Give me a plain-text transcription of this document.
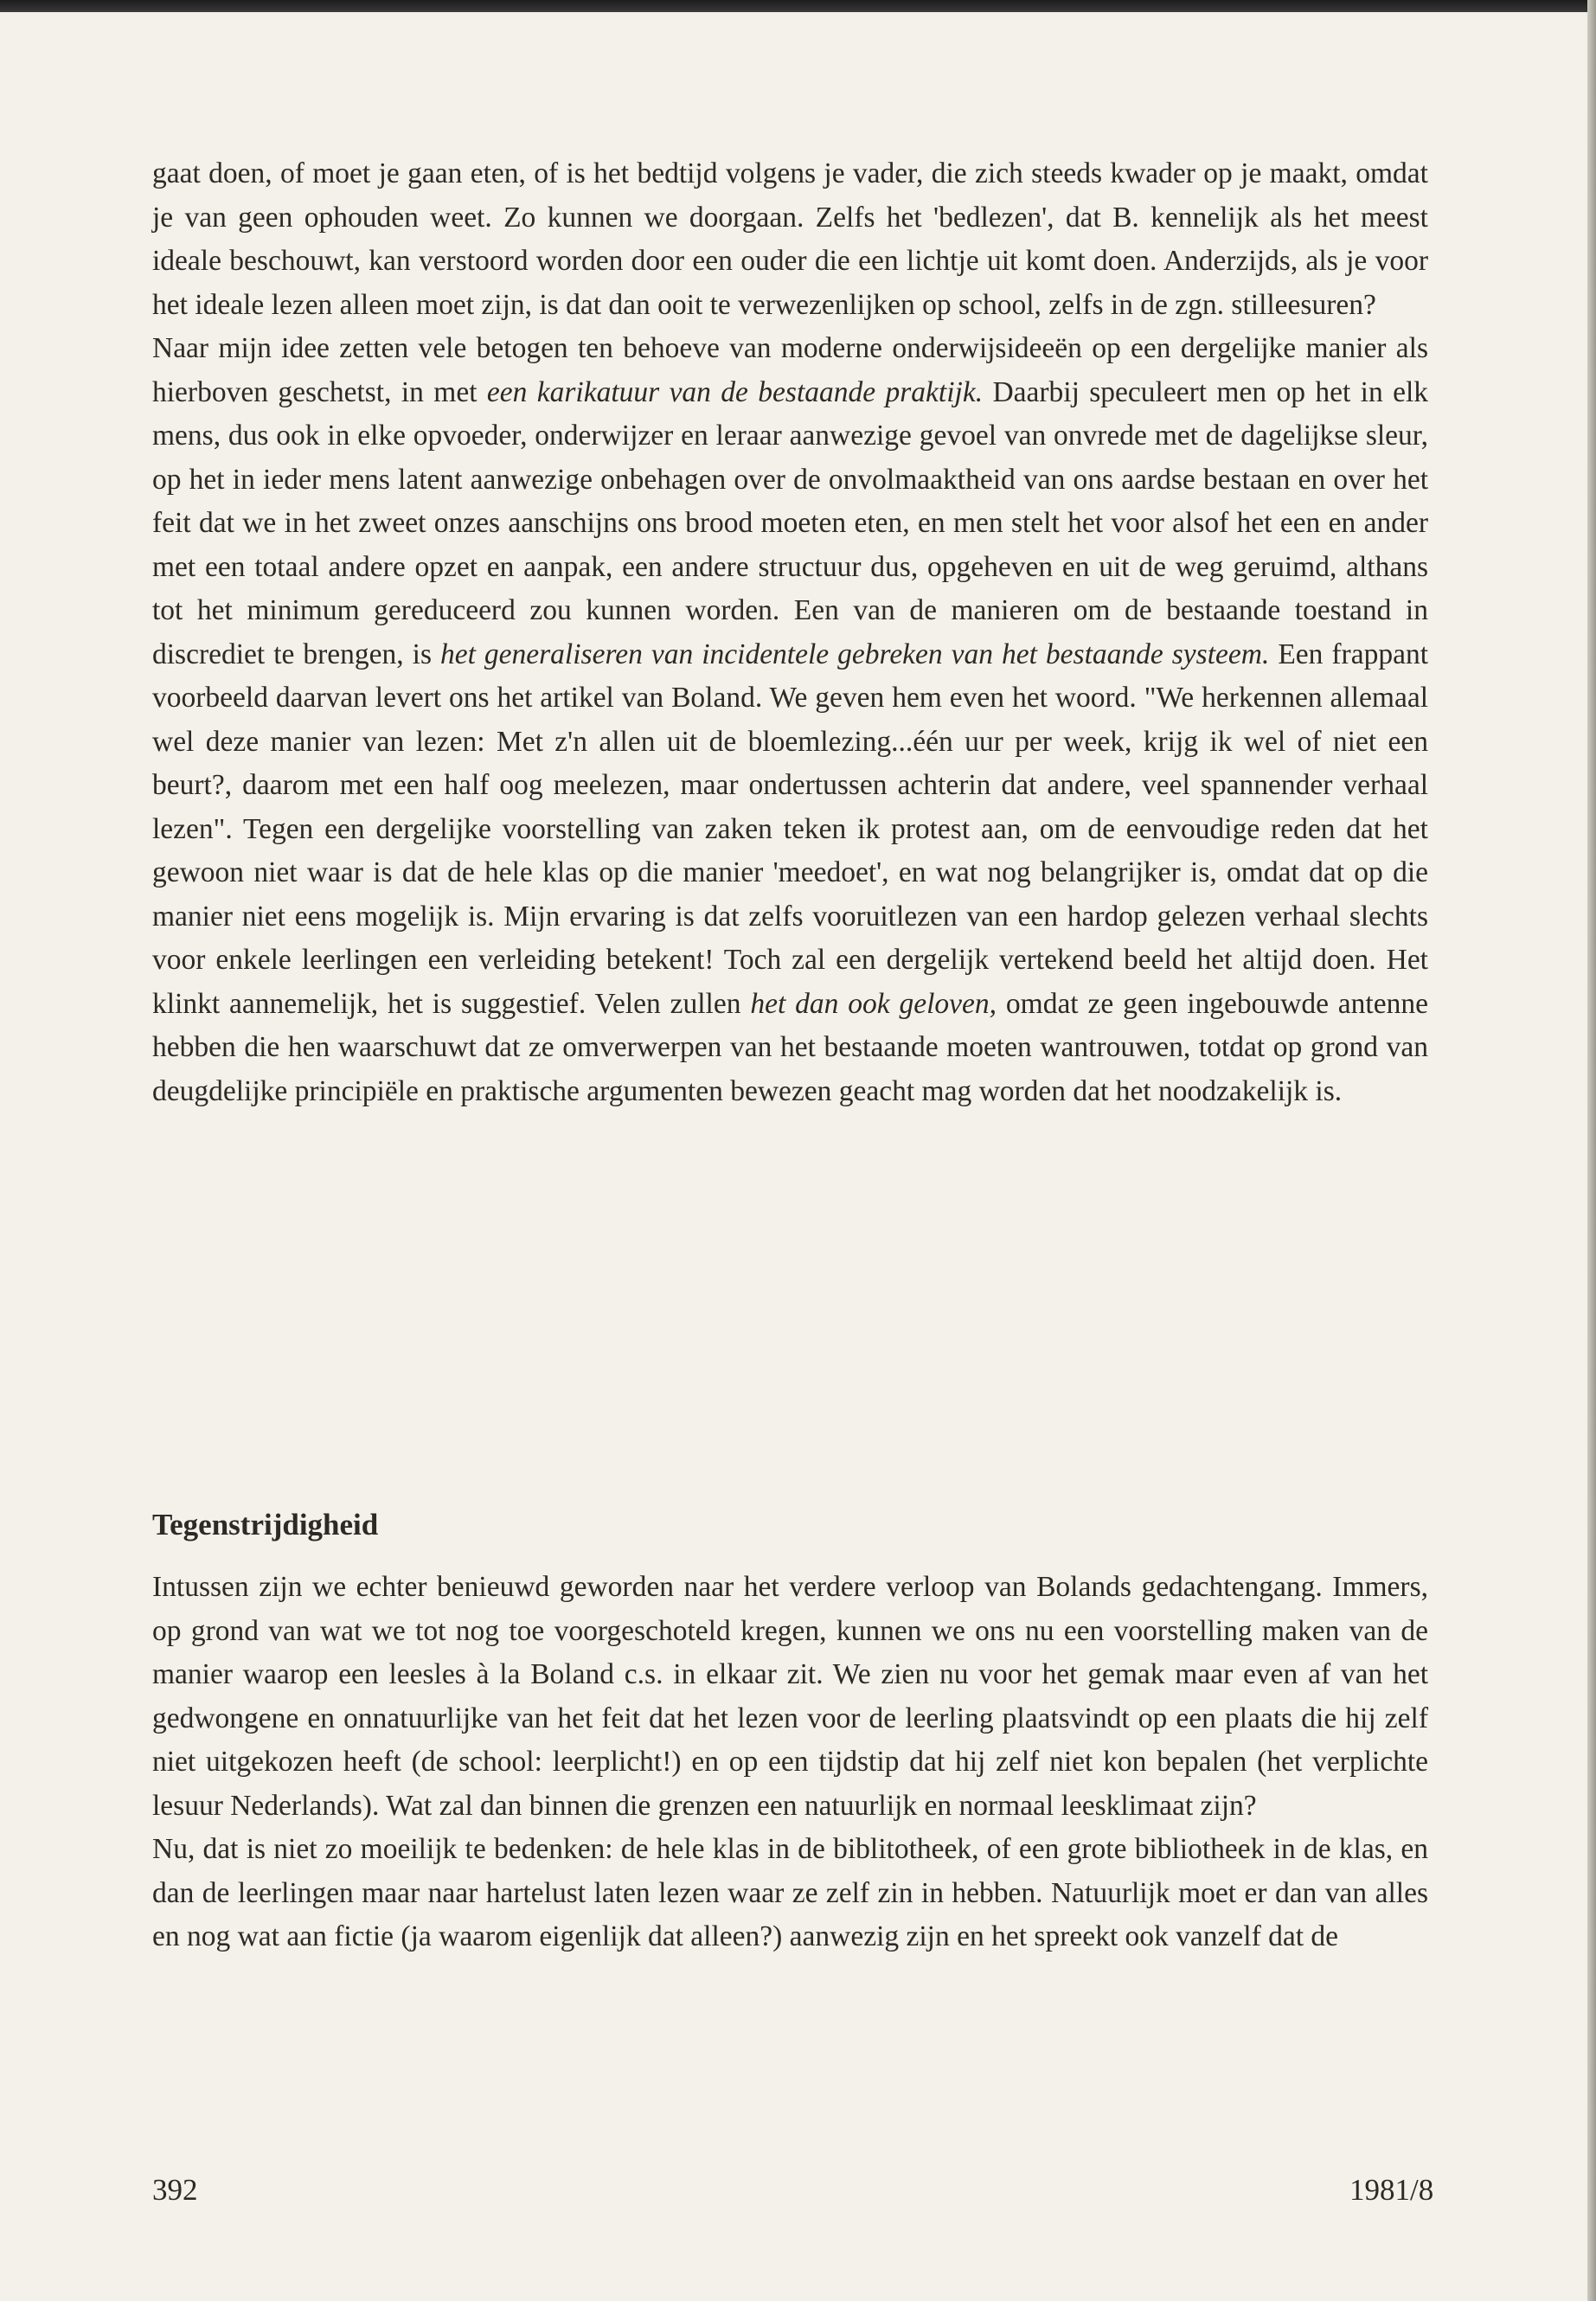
gaat doen, of moet je gaan eten, of is het bedtijd volgens je vader, die zich steeds kwader op je maakt, omdat je van geen ophouden weet. Zo kunnen we doorgaan. Zelfs het 'bedlezen', dat B. kennelijk als het meest ideale beschouwt, kan verstoord worden door een ouder die een lichtje uit komt doen. Anderzijds, als je voor het ideale lezen alleen moet zijn, is dat dan ooit te verwezenlijken op school, zelfs in de zgn. stilleesuren?

Naar mijn idee zetten vele betogen ten behoeve van moderne onderwijsideeën op een dergelijke manier als hierboven geschetst, in met een karikatuur van de bestaande praktijk. Daarbij speculeert men op het in elk mens, dus ook in elke opvoeder, onderwijzer en leraar aanwezige gevoel van onvrede met de dagelijkse sleur, op het in ieder mens latent aanwezige onbehagen over de onvolmaaktheid van ons aardse bestaan en over het feit dat we in het zweet onzes aanschijns ons brood moeten eten, en men stelt het voor alsof het een en ander met een totaal andere opzet en aanpak, een andere structuur dus, opgeheven en uit de weg geruimd, althans tot het minimum gereduceerd zou kunnen worden. Een van de manieren om de bestaande toestand in discrediet te brengen, is het generaliseren van incidentele gebreken van het bestaande systeem. Een frappant voorbeeld daarvan levert ons het artikel van Boland. We geven hem even het woord. "We herkennen allemaal wel deze manier van lezen: Met z'n allen uit de bloemlezing...één uur per week, krijg ik wel of niet een beurt?, daarom met een half oog meelezen, maar ondertussen achterin dat andere, veel spannender verhaal lezen". Tegen een dergelijke voorstelling van zaken teken ik protest aan, om de eenvoudige reden dat het gewoon niet waar is dat de hele klas op die manier 'meedoet', en wat nog belangrijker is, omdat dat op die manier niet eens mogelijk is. Mijn ervaring is dat zelfs vooruitlezen van een hardop gelezen verhaal slechts voor enkele leerlingen een verleiding betekent! Toch zal een dergelijk vertekend beeld het altijd doen. Het klinkt aannemelijk, het is suggestief. Velen zullen het dan ook geloven, omdat ze geen ingebouwde antenne hebben die hen waarschuwt dat ze omverwerpen van het bestaande moeten wantrouwen, totdat op grond van deugdelijke principiële en praktische argumenten bewezen geacht mag worden dat het noodzakelijk is.

Tegenstrijdigheid

Intussen zijn we echter benieuwd geworden naar het verdere verloop van Bolands gedachtengang. Immers, op grond van wat we tot nog toe voorgeschoteld kregen, kunnen we ons nu een voorstelling maken van de manier waarop een leesles à la Boland c.s. in elkaar zit. We zien nu voor het gemak maar even af van het gedwongene en onnatuurlijke van het feit dat het lezen voor de leerling plaatsvindt op een plaats die hij zelf niet uitgekozen heeft (de school: leerplicht!) en op een tijdstip dat hij zelf niet kon bepalen (het verplichte lesuur Nederlands). Wat zal dan binnen die grenzen een natuurlijk en normaal leesklimaat zijn?

Nu, dat is niet zo moeilijk te bedenken: de hele klas in de biblitotheek, of een grote bibliotheek in de klas, en dan de leerlingen maar naar hartelust laten lezen waar ze zelf zin in hebben. Natuurlijk moet er dan van alles en nog wat aan fictie (ja waarom eigenlijk dat alleen?) aanwezig zijn en het spreekt ook vanzelf dat de

392	1981/8
